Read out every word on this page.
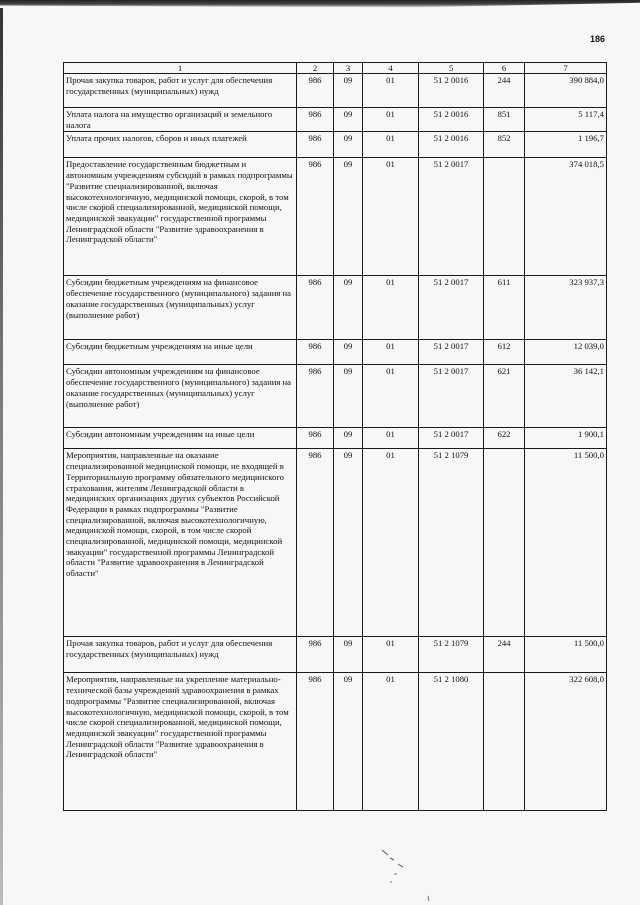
186
1	2	3	4	5	6	7
Прочая закупка товаров, работ и услуг для обеспечения государственных (муниципальных) нужд	986	09	01	51 2 0016	244	390 884,0
Уплата налога на имущество организаций и земельного налога	986	09	01	51 2 0016	851	5 117,4
Уплата прочих налогов, сборов и иных платежей	986	09	01	51 2 0016	852	1 196,7
Предоставление государственным бюджетным и автономным учреждениям субсидий в рамках подпрограммы "Развитие специализированной, включая высокотехнологичную, медицинской помощи, скорой, в том числе скорой специализированной, медицинской помощи, медицинской эвакуации" государственной программы Ленинградской области "Развитие здравоохранения в Ленинградской области"	986	09	01	51 2 0017		374 018,5
Субсидии бюджетным учреждениям на финансовое обеспечение государственного (муниципального) задания на оказание государственных (муниципальных) услуг (выполнение работ)	986	09	01	51 2 0017	611	323 937,3
Субсидии бюджетным учреждениям на иные цели	986	09	01	51 2 0017	612	12 039,0
Субсидии автономным учреждениям на финансовое обеспечение государственного (муниципального) задания на оказание государственных (муниципальных) услуг (выполнение работ)	986	09	01	51 2 0017	621	36 142,1
Субсидии автономным учреждениям на иные цели	986	09	01	51 2 0017	622	1 900,1
Мероприятия, направленные на оказание специализированной медицинской помощи, не входящей в Территориальную программу обязательного медицинского страхования, жителям Ленинградской области в медицинских организациях других субъектов Российской Федерации в рамках подпрограммы "Развитие специализированной, включая высокотехнологичную, медицинской помощи, скорой, в том числе скорой специализированной, медицинской помощи, медицинской эвакуации" государственной программы Ленинградской области "Развитие здравоохранения в Ленинградской области"	986	09	01	51 2 1079		11 500,0
Прочая закупка товаров, работ и услуг для обеспечения государственных (муниципальных) нужд	986	09	01	51 2 1079	244	11 500,0
Мероприятия, направленные на укрепление материально-технической базы учреждений здравоохранения в рамках подпрограммы "Развитие специализированной, включая высокотехнологичную, медицинской помощи, скорой, в том числе скорой специализированной, медицинской помощи, медицинской эвакуации" государственной программы Ленинградской области "Развитие здравоохранения в Ленинградской области"	986	09	01	51 2 1080		322 608,0
